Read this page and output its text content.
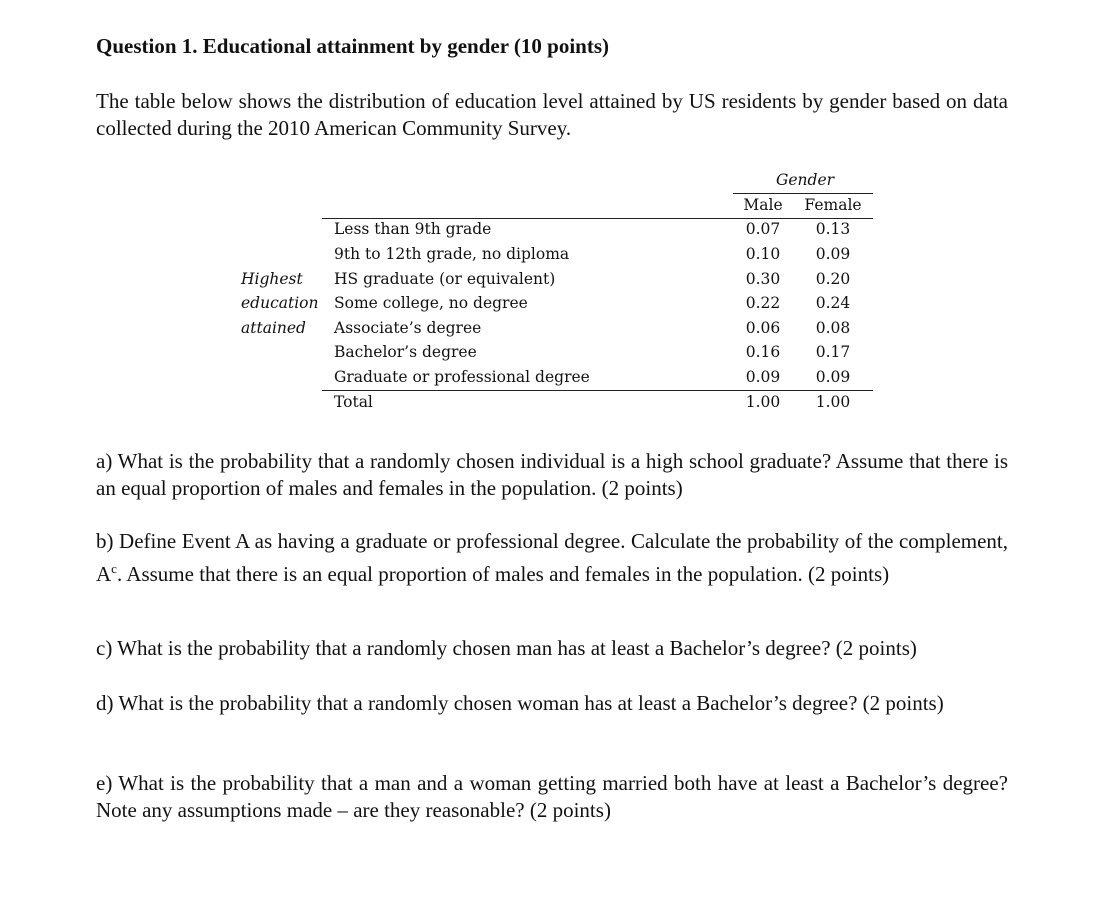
Question 1. Educational attainment by gender (10 points)
The table below shows the distribution of education level attained by US residents by gender based on data collected during the 2010 American Community Survey.
a) What is the probability that a randomly chosen individual is a high school graduate? Assume that there is an equal proportion of males and females in the population. (2 points)
b) Define Event A as having a graduate or professional degree. Calculate the probability of the complement, $A^c$. Assume that there is an equal proportion of males and females in the population. (2 points)
c) What is the probability that a randomly chosen man has at least a Bachelor’s degree? (2 points)
d) What is the probability that a randomly chosen woman has at least a Bachelor’s degree? (2 points)
e) What is the probability that a man and a woman getting married both have at least a Bachelor’s degree? Note any assumptions made – are they reasonable? (2 points)
Gender
Male	Female
Highest
education
attained
Less than 9th grade	0.07	0.13
9th to 12th grade, no diploma	0.10	0.09
HS graduate (or equivalent)	0.30	0.20
Some college, no degree	0.22	0.24
Associate’s degree	0.06	0.08
Bachelor’s degree	0.16	0.17
Graduate or professional degree	0.09	0.09
Total	1.00	1.00
